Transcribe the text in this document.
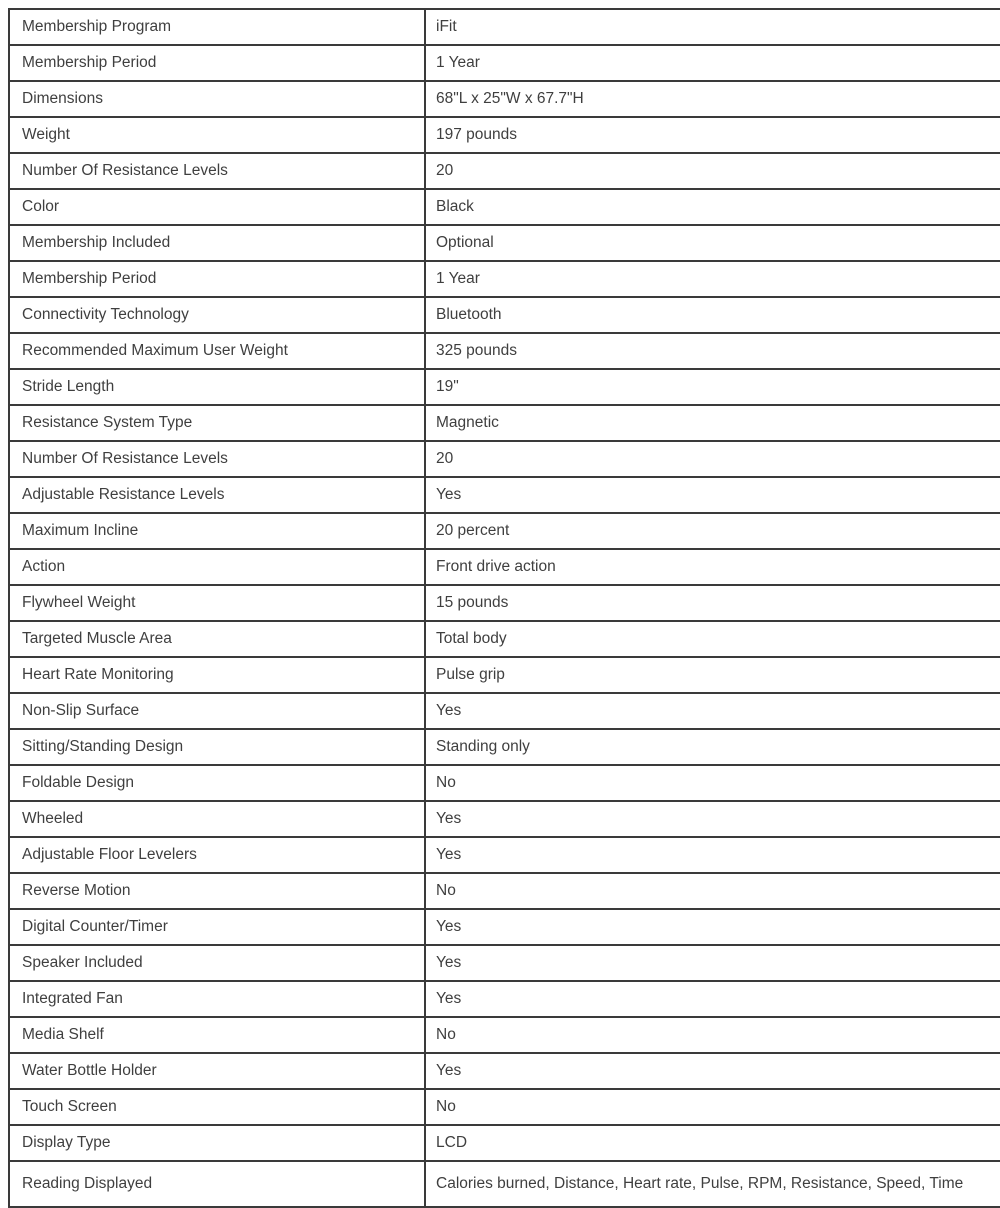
Membership Program	iFit
Membership Period	1 Year
Dimensions	68"L x 25"W x 67.7"H
Weight	197 pounds
Number Of Resistance Levels	20
Color	Black
Membership Included	Optional
Membership Period	1 Year
Connectivity Technology	Bluetooth
Recommended Maximum User Weight	325 pounds
Stride Length	19"
Resistance System Type	Magnetic
Number Of Resistance Levels	20
Adjustable Resistance Levels	Yes
Maximum Incline	20 percent
Action	Front drive action
Flywheel Weight	15 pounds
Targeted Muscle Area	Total body
Heart Rate Monitoring	Pulse grip
Non-Slip Surface	Yes
Sitting/Standing Design	Standing only
Foldable Design	No
Wheeled	Yes
Adjustable Floor Levelers	Yes
Reverse Motion	No
Digital Counter/Timer	Yes
Speaker Included	Yes
Integrated Fan	Yes
Media Shelf	No
Water Bottle Holder	Yes
Touch Screen	No
Display Type	LCD
Reading Displayed	Calories burned, Distance, Heart rate, Pulse, RPM, Resistance, Speed, Time
